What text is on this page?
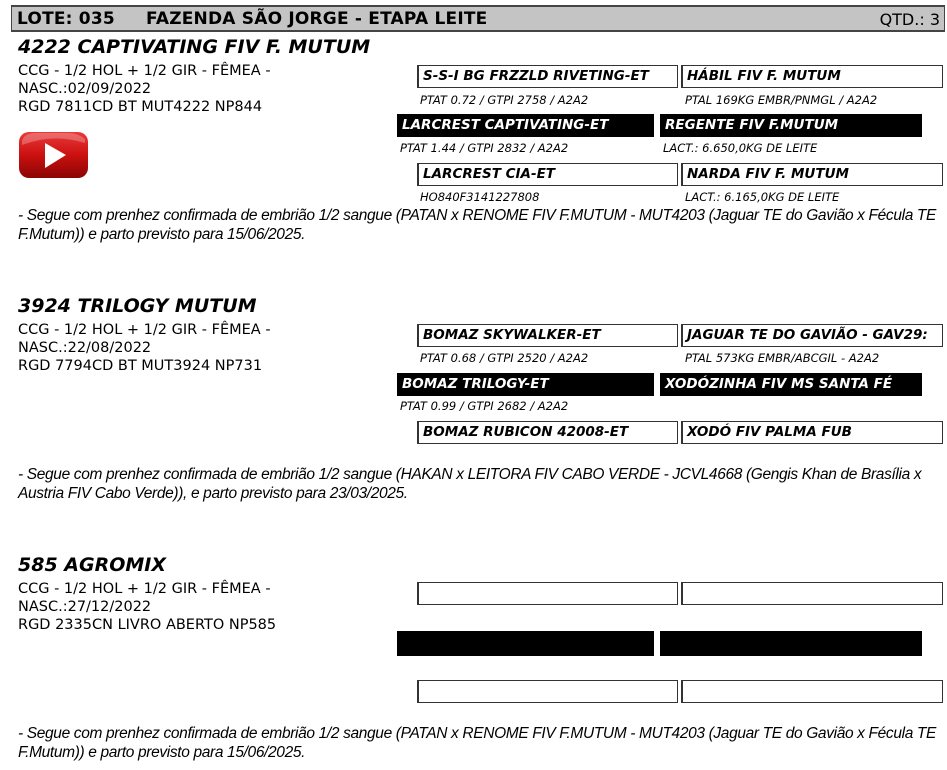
LOTE: 035 FAZENDA SÃO JORGE - ETAPA LEITE	QTD.: 3
4222 CAPTIVATING FIV F. MUTUM
CCG - 1/2 HOL + 1/2 GIR - FÊMEA -
NASC.:02/09/2022
RGD 7811CD BT MUT4222 NP844
S-S-I BG FRZZLD RIVETING-ET	HÁBIL FIV F. MUTUM
PTAT 0.72 / GTPI 2758 / A2A2	PTAL 169KG EMBR/PNMGL / A2A2
LARCREST CAPTIVATING-ET	REGENTE FIV F.MUTUM
PTAT 1.44 / GTPI 2832 / A2A2	LACT.: 6.650,0KG DE LEITE
LARCREST CIA-ET	NARDA FIV F. MUTUM
HO840F3141227808	LACT.: 6.165,0KG DE LEITE
- Segue com prenhez confirmada de embrião 1/2 sangue (PATAN x RENOME FIV F.MUTUM - MUT4203 (Jaguar TE do Gavião x Fécula TE F.Mutum)) e parto previsto para 15/06/2025.
3924 TRILOGY MUTUM
CCG - 1/2 HOL + 1/2 GIR - FÊMEA -
NASC.:22/08/2022
RGD 7794CD BT MUT3924 NP731
BOMAZ SKYWALKER-ET	JAGUAR TE DO GAVIÃO - GAV29:
PTAT 0.68 / GTPI 2520 / A2A2	PTAL 573KG EMBR/ABCGIL - A2A2
BOMAZ TRILOGY-ET	XODÓZINHA FIV MS SANTA FÉ
PTAT 0.99 / GTPI 2682 / A2A2
BOMAZ RUBICON 42008-ET	XODÓ FIV PALMA FUB
- Segue com prenhez confirmada de embrião 1/2 sangue (HAKAN x LEITORA FIV CABO VERDE - JCVL4668 (Gengis Khan de Brasília x Austria FIV Cabo Verde)), e parto previsto para 23/03/2025.
585 AGROMIX
CCG - 1/2 HOL + 1/2 GIR - FÊMEA -
NASC.:27/12/2022
RGD 2335CN LIVRO ABERTO NP585
- Segue com prenhez confirmada de embrião 1/2 sangue (PATAN x RENOME FIV F.MUTUM - MUT4203 (Jaguar TE do Gavião x Fécula TE F.Mutum)) e parto previsto para 15/06/2025.
